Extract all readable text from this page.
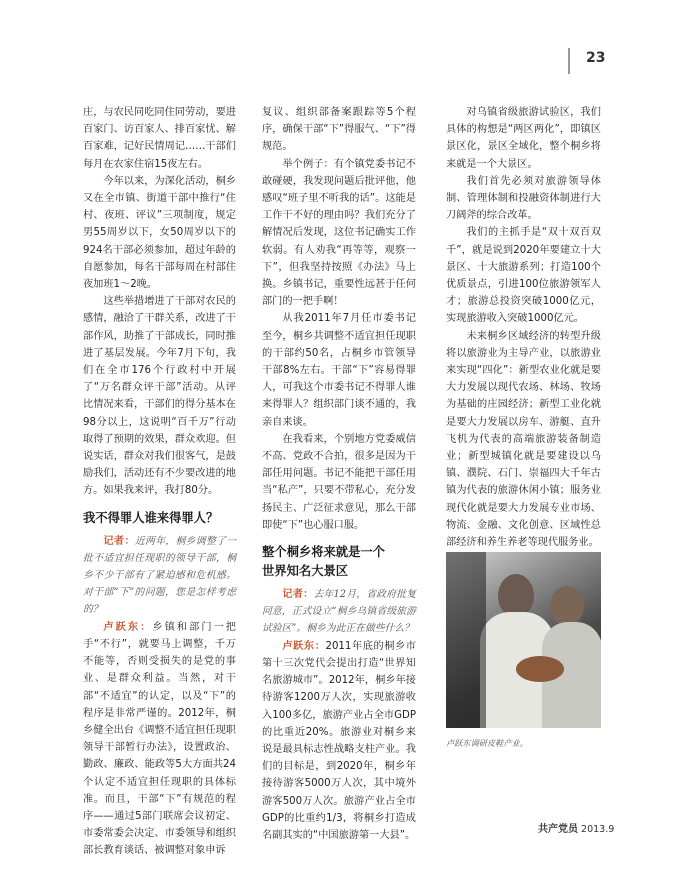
23

庄，与农民同吃同住同劳动，要进百家门、访百家人、排百家忧、解百家难，记好民情周记……干部们每月在农家住宿15夜左右。

今年以来，为深化活动，桐乡又在全市镇、街道干部中推行“住村、夜班、评议”三项制度，规定男55周岁以下，女50周岁以下的924名干部必须参加，超过年龄的自愿参加，每名干部每周在村部住夜加班1～2晚。

这些举措增进了干部对农民的感情，融洽了干群关系，改进了干部作风，助推了干部成长，同时推进了基层发展。今年7月下旬，我们在全市176个行政村中开展了“万名群众评干部”活动。从评比情况来看，干部们的得分基本在98分以上，这说明“百千万”行动取得了预期的效果，群众欢迎。但说实话，群众对我们很客气，是鼓励我们，活动还有不少要改进的地方。如果我来评，我打80分。

我不得罪人谁来得罪人？

记者：近两年，桐乡调整了一批不适宜担任现职的领导干部，桐乡不少干部有了紧迫感和危机感。对干部“下”的问题，您是怎样考虑的？

卢跃东：乡镇和部门一把手“不行”，就要马上调整，千万不能等，否则受损失的是党的事业、是群众利益。当然，对干部“不适宜”的认定，以及“下”的程序是非常严谨的。2012年，桐乡健全出台《调整不适宜担任现职领导干部暂行办法》，设置政治、勤政、廉政、能政等5大方面共24个认定不适宜担任现职的具体标准。而且，干部“下”有规范的程序——通过5部门联席会议初定、市委常委会决定、市委领导和组织部长教育谈话、被调整对象申诉

复议、组织部备案跟踪等5个程序，确保干部“下”得服气、“下”得规范。

举个例子：有个镇党委书记不敢碰硬，我发现问题后批评他，他感叹“班子里不听我的话”。这能是工作干不好的理由吗？我们充分了解情况后发现，这位书记确实工作软弱。有人劝我“再等等，观察一下”，但我坚持按照《办法》马上换。乡镇书记，重要性远甚于任何部门的一把手啊！

从我2011年7月任市委书记至今，桐乡共调整不适宜担任现职的干部约50名，占桐乡市管领导干部8%左右。干部“下”容易得罪人，可我这个市委书记不得罪人谁来得罪人？组织部门谈不通的，我亲自来谈。

在我看来，个别地方党委威信不高、党政不合拍，很多是因为干部任用问题。书记不能把干部任用当“私产”，只要不带私心，充分发扬民主、广泛征求意见，那么干部即使“下”也心服口服。

整个桐乡将来就是一个
世界知名大景区

记者：去年12月，省政府批复同意，正式设立“桐乡乌镇省级旅游试验区”。桐乡为此正在做些什么？

卢跃东：2011年底的桐乡市第十三次党代会提出打造“世界知名旅游城市”。2012年，桐乡年接待游客1200万人次，实现旅游收入100多亿，旅游产业占全市GDP的比重近20%。旅游业对桐乡来说是最具标志性战略支柱产业。我们的目标是，到2020年，桐乡年接待游客5000万人次，其中境外游客500万人次。旅游产业占全市GDP的比重约1/3，将桐乡打造成名副其实的“中国旅游第一大县”。

对乌镇省级旅游试验区，我们具体的构想是“两区两化”，即镇区景区化，景区全域化，整个桐乡将来就是一个大景区。

我们首先必须对旅游领导体制、管理体制和投融资体制进行大刀阔斧的综合改革。

我们的主抓手是“双十双百双千”，就是说到2020年要建立十大景区、十大旅游系列；打造100个优质景点，引进100位旅游领军人才；旅游总投资突破1000亿元，实现旅游收入突破1000亿元。

未来桐乡区域经济的转型升级将以旅游业为主导产业，以旅游业来实现“四化”：新型农业化就是要大力发展以现代农场、林场、牧场为基础的庄园经济；新型工业化就是要大力发展以房车、游艇、直升飞机为代表的高端旅游装备制造业；新型城镇化就是要建设以乌镇、濮院、石门、崇福四大千年古镇为代表的旅游休闲小镇；服务业现代化就是要大力发展专业市场、物流、金融、文化创意、区域性总部经济和养生养老等现代服务业。

卢跃东调研皮鞋产业。
共产党员 2013.9
